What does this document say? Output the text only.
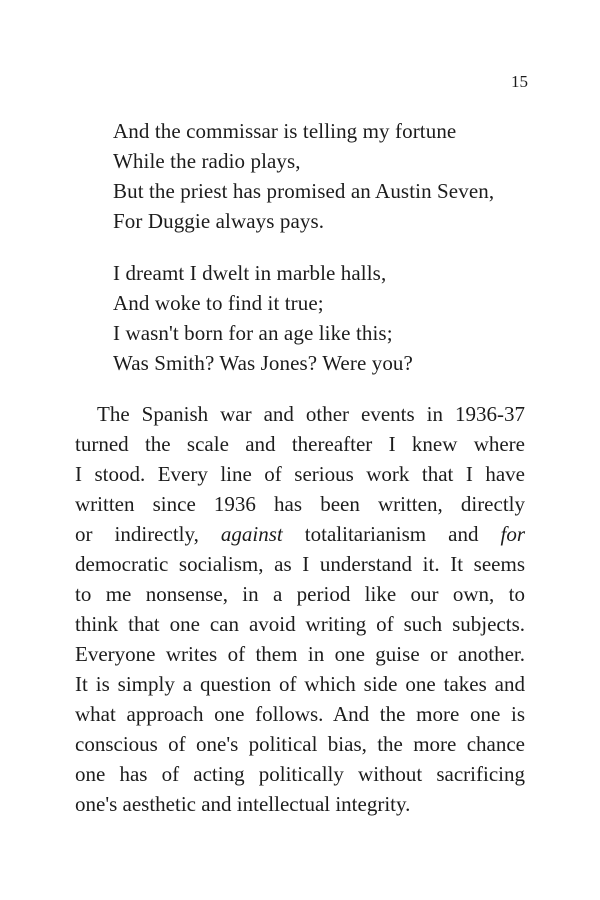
15
And the commissar is telling my fortune
While the radio plays,
But the priest has promised an Austin Seven,
For Duggie always pays.
I dreamt I dwelt in marble halls,
And woke to find it true;
I wasn't born for an age like this;
Was Smith? Was Jones? Were you?
The Spanish war and other events in 1936-37
turned the scale and thereafter I knew where
I stood. Every line of serious work that I have
written since 1936 has been written, directly
or indirectly, against totalitarianism and for
democratic socialism, as I understand it. It seems
to me nonsense, in a period like our own, to
think that one can avoid writing of such subjects.
Everyone writes of them in one guise or another.
It is simply a question of which side one takes and
what approach one follows. And the more one is
conscious of one's political bias, the more chance
one has of acting politically without sacrificing
one's aesthetic and intellectual integrity.
